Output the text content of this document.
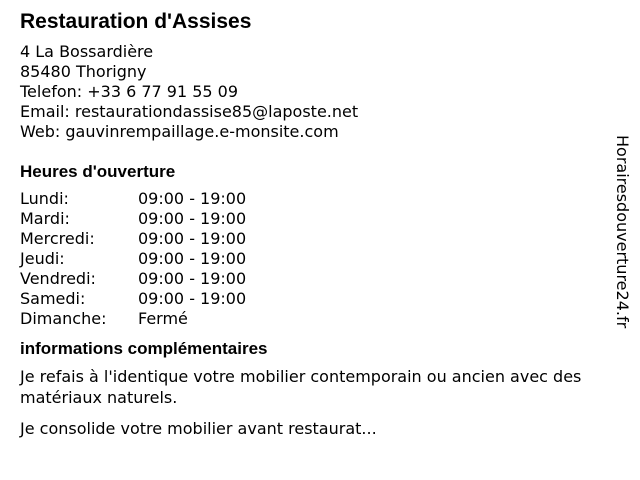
Restauration d'Assises
4 La Bossardière
85480 Thorigny
Telefon: +33 6 77 91 55 09
Email: restaurationdassise85@laposte.net
Web: gauvinrempaillage.e-monsite.com
Heures d'ouverture
Lundi:	09:00 - 19:00
Mardi:	09:00 - 19:00
Mercredi:	09:00 - 19:00
Jeudi:	09:00 - 19:00
Vendredi:	09:00 - 19:00
Samedi:	09:00 - 19:00
Dimanche:	Fermé
informations complémentaires

Je refais à l'identique votre mobilier contemporain ou ancien avec des matériaux naturels.

Je consolide votre mobilier avant restaurat...

Horairesdouverture24.fr
